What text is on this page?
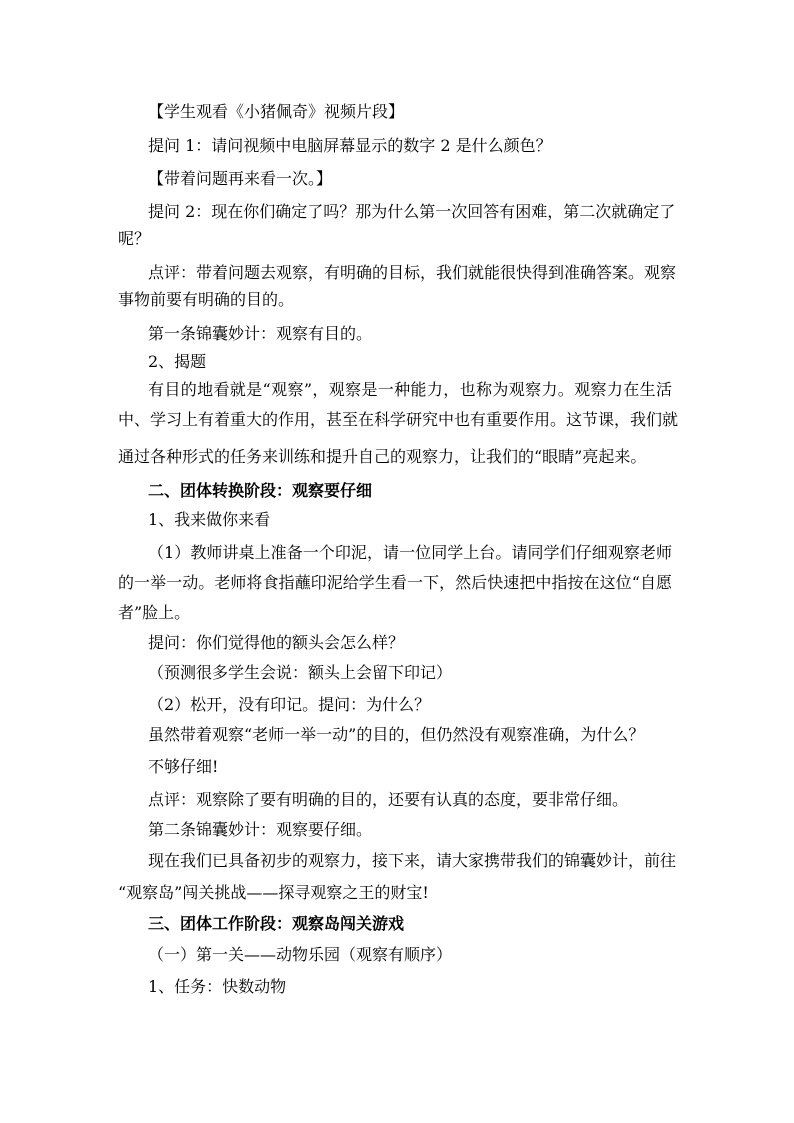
【学生观看《小猪佩奇》视频片段】
提问 1：请问视频中电脑屏幕显示的数字 2 是什么颜色？
【带着问题再来看一次。】
提问 2：现在你们确定了吗？那为什么第一次回答有困难，第二次就确定了
呢？
点评：带着问题去观察，有明确的目标，我们就能很快得到准确答案。观察
事物前要有明确的目的。
第一条锦囊妙计：观察有目的。
2、揭题
有目的地看就是“观察”，观察是一种能力，也称为观察力。观察力在生活
中、学习上有着重大的作用，甚至在科学研究中也有重要作用。这节课，我们就
通过各种形式的任务来训练和提升自己的观察力，让我们的“眼睛”亮起来。
二、团体转换阶段：观察要仔细
1、我来做你来看
（1）教师讲桌上准备一个印泥，请一位同学上台。请同学们仔细观察老师
的一举一动。老师将食指蘸印泥给学生看一下，然后快速把中指按在这位“自愿
者”脸上。
提问：你们觉得他的额头会怎么样？
（预测很多学生会说：额头上会留下印记）
（2）松开，没有印记。提问：为什么？
虽然带着观察“老师一举一动”的目的，但仍然没有观察准确，为什么？
不够仔细!
点评：观察除了要有明确的目的，还要有认真的态度，要非常仔细。
第二条锦囊妙计：观察要仔细。
现在我们已具备初步的观察力，接下来，请大家携带我们的锦囊妙计，前往
“观察岛”闯关挑战——探寻观察之王的财宝!
三、团体工作阶段：观察岛闯关游戏
（一）第一关——动物乐园（观察有顺序）
1、任务：快数动物
